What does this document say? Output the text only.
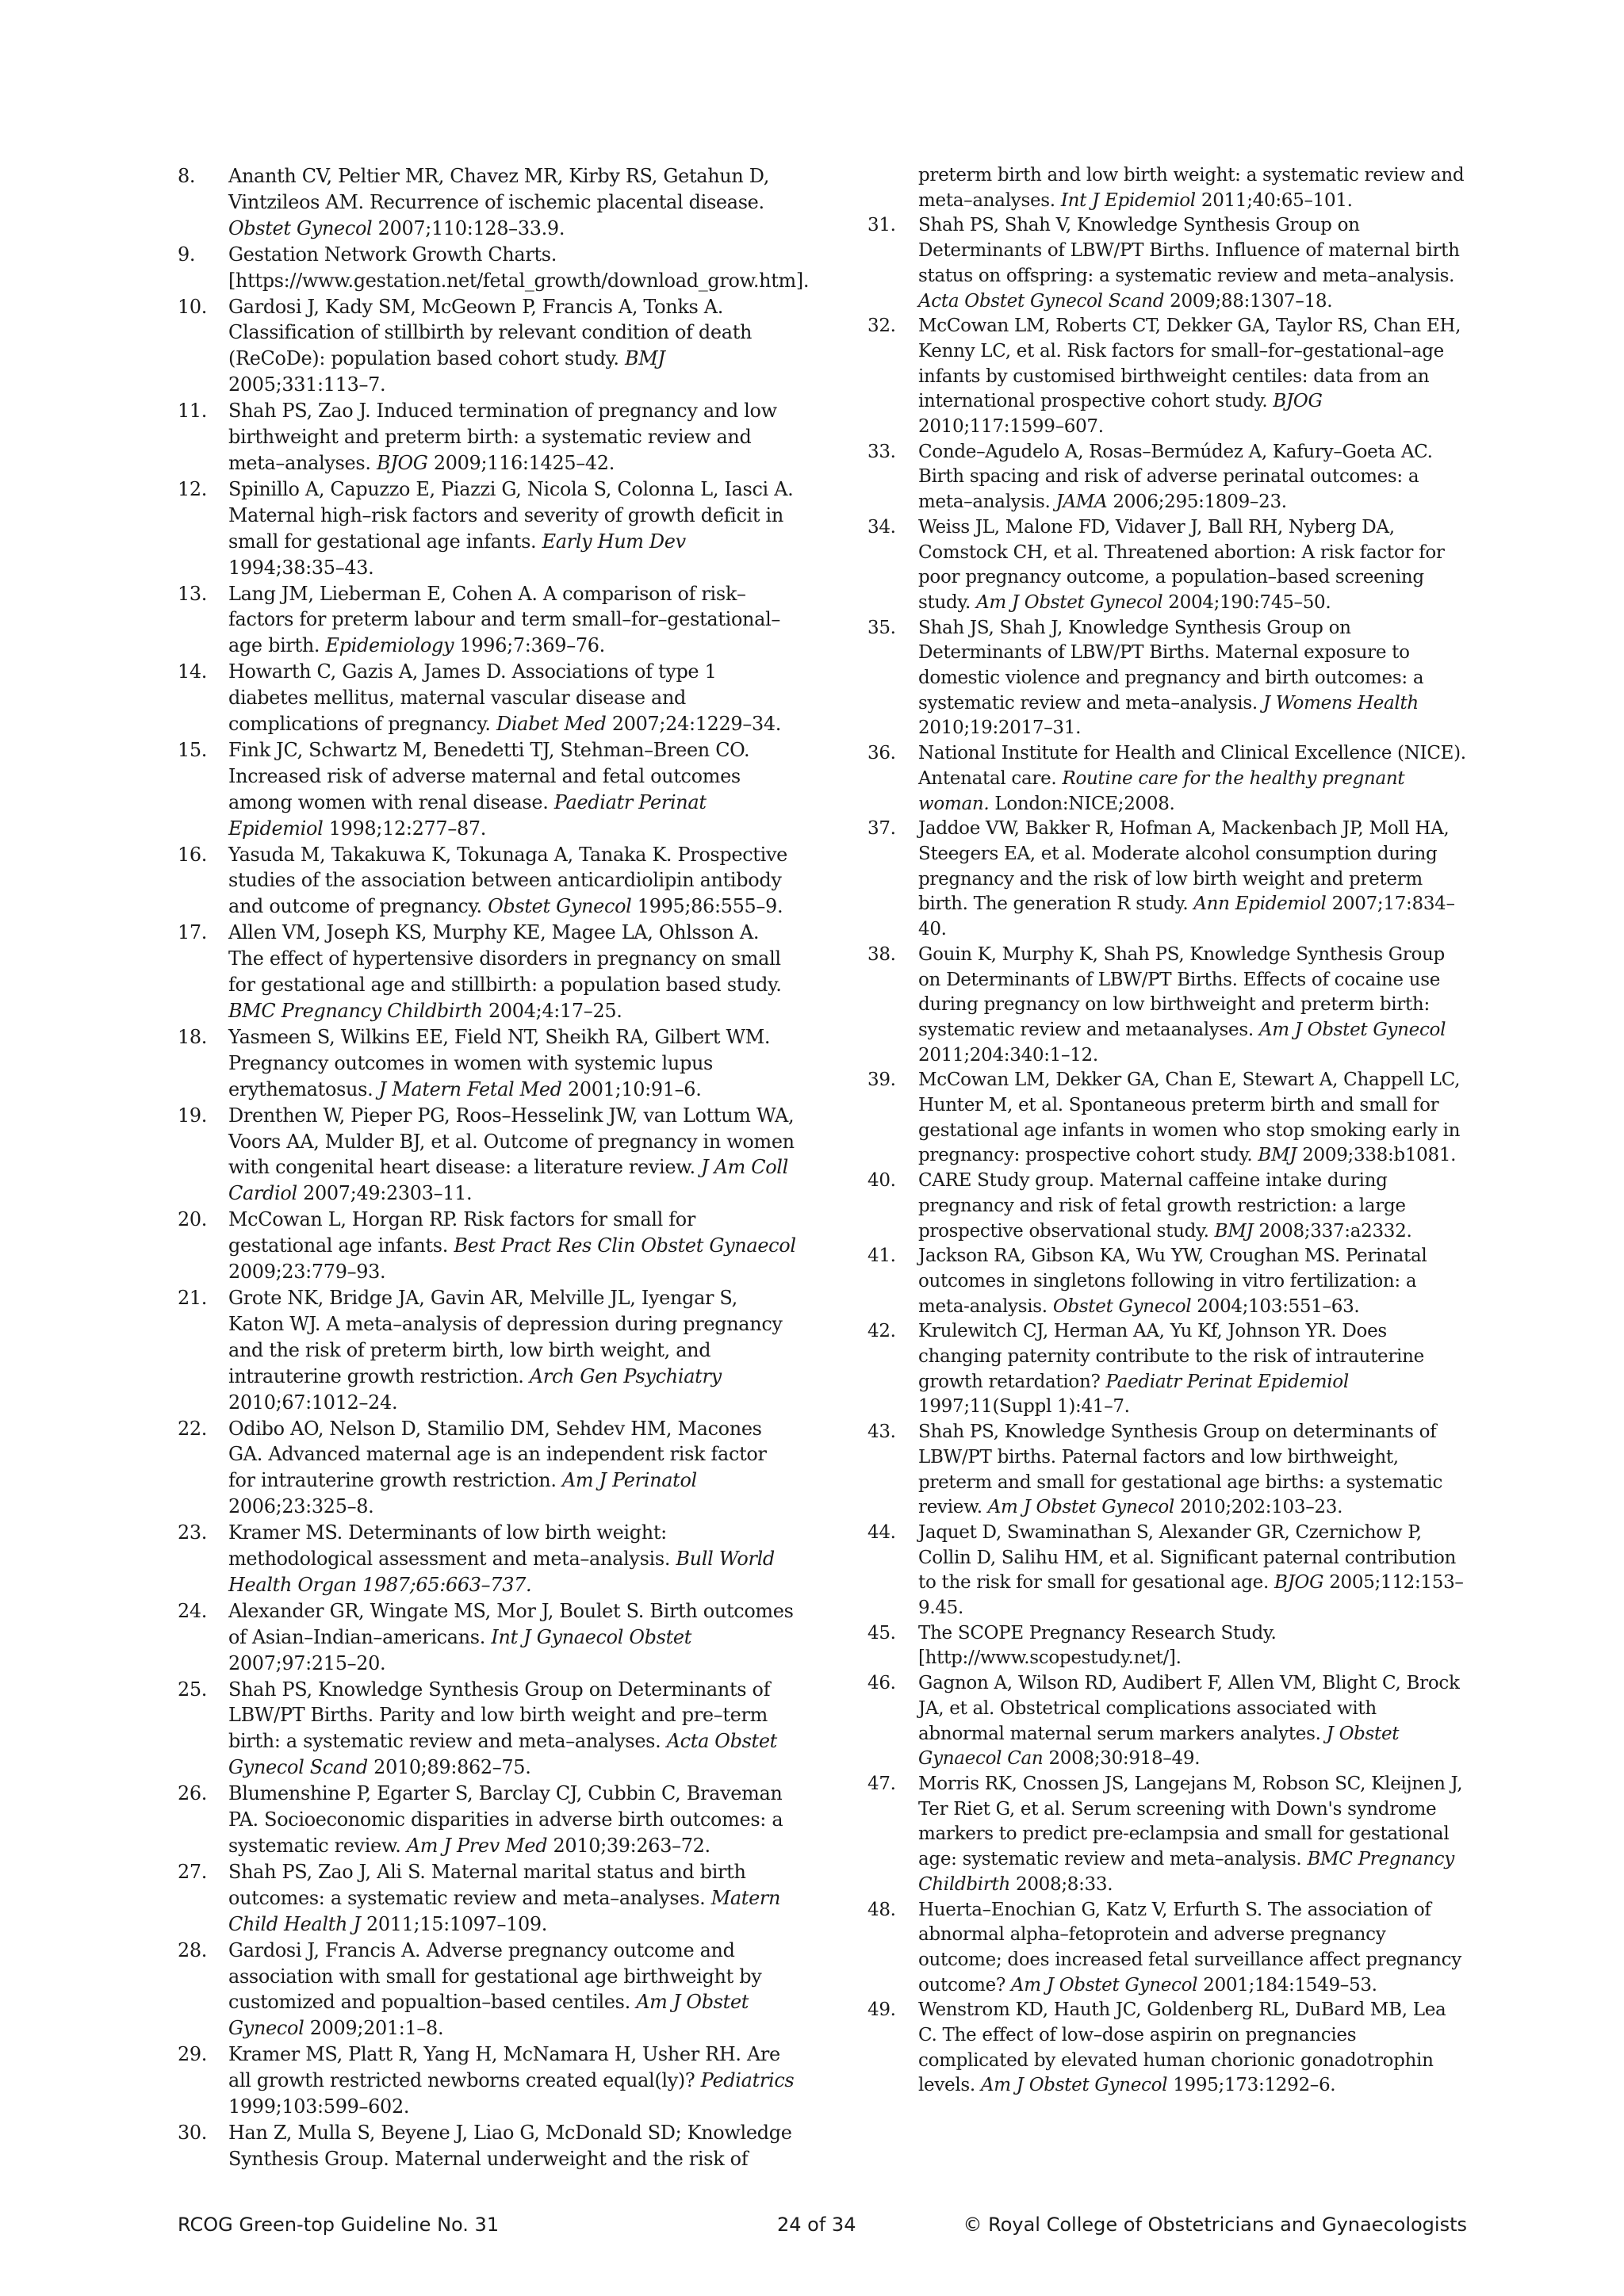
8. Ananth CV, Peltier MR, Chavez MR, Kirby RS, Getahun D, Vintzileos AM. Recurrence of ischemic placental disease. Obstet Gynecol 2007;110:128–33.9.

9. Gestation Network Growth Charts. [https://www.gestation.net/fetal_growth/download_grow.htm].

10. Gardosi J, Kady SM, McGeown P, Francis A, Tonks A. Classification of stillbirth by relevant condition of death (ReCoDe): population based cohort study. BMJ 2005;331:113–7.

11. Shah PS, Zao J. Induced termination of pregnancy and low birthweight and preterm birth: a systematic review and meta–analyses. BJOG 2009;116:1425–42.

12. Spinillo A, Capuzzo E, Piazzi G, Nicola S, Colonna L, Iasci A. Maternal high–risk factors and severity of growth deficit in small for gestational age infants. Early Hum Dev 1994;38:35–43.

13. Lang JM, Lieberman E, Cohen A. A comparison of risk–factors for preterm labour and term small–for–gestational–age birth. Epidemiology 1996;7:369–76.

14. Howarth C, Gazis A, James D. Associations of type 1 diabetes mellitus, maternal vascular disease and complications of pregnancy. Diabet Med 2007;24:1229–34.

15. Fink JC, Schwartz M, Benedetti TJ, Stehman–Breen CO. Increased risk of adverse maternal and fetal outcomes among women with renal disease. Paediatr Perinat Epidemiol 1998;12:277–87.

16. Yasuda M, Takakuwa K, Tokunaga A, Tanaka K. Prospective studies of the association between anticardiolipin antibody and outcome of pregnancy. Obstet Gynecol 1995;86:555–9.

17. Allen VM, Joseph KS, Murphy KE, Magee LA, Ohlsson A. The effect of hypertensive disorders in pregnancy on small for gestational age and stillbirth: a population based study. BMC Pregnancy Childbirth 2004;4:17–25.

18. Yasmeen S, Wilkins EE, Field NT, Sheikh RA, Gilbert WM. Pregnancy outcomes in women with systemic lupus erythematosus. J Matern Fetal Med 2001;10:91–6.

19. Drenthen W, Pieper PG, Roos–Hesselink JW, van Lottum WA, Voors AA, Mulder BJ, et al. Outcome of pregnancy in women with congenital heart disease: a literature review. J Am Coll Cardiol 2007;49:2303–11.

20. McCowan L, Horgan RP. Risk factors for small for gestational age infants. Best Pract Res Clin Obstet Gynaecol 2009;23:779–93.

21. Grote NK, Bridge JA, Gavin AR, Melville JL, Iyengar S, Katon WJ. A meta–analysis of depression during pregnancy and the risk of preterm birth, low birth weight, and intrauterine growth restriction. Arch Gen Psychiatry 2010;67:1012–24.

22. Odibo AO, Nelson D, Stamilio DM, Sehdev HM, Macones GA. Advanced maternal age is an independent risk factor for intrauterine growth restriction. Am J Perinatol 2006;23:325–8.

23. Kramer MS. Determinants of low birth weight: methodological assessment and meta–analysis. Bull World Health Organ 1987;65:663–737.

24. Alexander GR, Wingate MS, Mor J, Boulet S. Birth outcomes of Asian–Indian–americans. Int J Gynaecol Obstet 2007;97:215–20.

25. Shah PS, Knowledge Synthesis Group on Determinants of LBW/PT Births. Parity and low birth weight and pre–term birth: a systematic review and meta–analyses. Acta Obstet Gynecol Scand 2010;89:862–75.

26. Blumenshine P, Egarter S, Barclay CJ, Cubbin C, Braveman PA. Socioeconomic disparities in adverse birth outcomes: a systematic review. Am J Prev Med 2010;39:263–72.

27. Shah PS, Zao J, Ali S. Maternal marital status and birth outcomes: a systematic review and meta–analyses. Matern Child Health J 2011;15:1097–109.

28. Gardosi J, Francis A. Adverse pregnancy outcome and association with small for gestational age birthweight by customized and popualtion–based centiles. Am J Obstet Gynecol 2009;201:1–8.

29. Kramer MS, Platt R, Yang H, McNamara H, Usher RH. Are all growth restricted newborns created equal(ly)? Pediatrics 1999;103:599–602.

30. Han Z, Mulla S, Beyene J, Liao G, McDonald SD; Knowledge Synthesis Group. Maternal underweight and the risk of

preterm birth and low birth weight: a systematic review and meta–analyses. Int J Epidemiol 2011;40:65–101.

31. Shah PS, Shah V, Knowledge Synthesis Group on Determinants of LBW/PT Births. Influence of maternal birth status on offspring: a systematic review and meta–analysis. Acta Obstet Gynecol Scand 2009;88:1307–18.

32. McCowan LM, Roberts CT, Dekker GA, Taylor RS, Chan EH, Kenny LC, et al. Risk factors for small–for–gestational–age infants by customised birthweight centiles: data from an international prospective cohort study. BJOG 2010;117:1599–607.

33. Conde–Agudelo A, Rosas–Bermúdez A, Kafury–Goeta AC. Birth spacing and risk of adverse perinatal outcomes: a meta–analysis. JAMA 2006;295:1809–23.

34. Weiss JL, Malone FD, Vidaver J, Ball RH, Nyberg DA, Comstock CH, et al. Threatened abortion: A risk factor for poor pregnancy outcome, a population–based screening study. Am J Obstet Gynecol 2004;190:745–50.

35. Shah JS, Shah J, Knowledge Synthesis Group on Determinants of LBW/PT Births. Maternal exposure to domestic violence and pregnancy and birth outcomes: a systematic review and meta–analysis. J Womens Health 2010;19:2017–31.

36. National Institute for Health and Clinical Excellence (NICE). Antenatal care. Routine care for the healthy pregnant woman. London:NICE;2008.

37. Jaddoe VW, Bakker R, Hofman A, Mackenbach JP, Moll HA, Steegers EA, et al. Moderate alcohol consumption during pregnancy and the risk of low birth weight and preterm birth. The generation R study. Ann Epidemiol 2007;17:834–40.

38. Gouin K, Murphy K, Shah PS, Knowledge Synthesis Group on Determinants of LBW/PT Births. Effects of cocaine use during pregnancy on low birthweight and preterm birth: systematic review and metaanalyses. Am J Obstet Gynecol 2011;204:340:1–12.

39. McCowan LM, Dekker GA, Chan E, Stewart A, Chappell LC, Hunter M, et al. Spontaneous preterm birth and small for gestational age infants in women who stop smoking early in pregnancy: prospective cohort study. BMJ 2009;338:b1081.

40. CARE Study group. Maternal caffeine intake during pregnancy and risk of fetal growth restriction: a large prospective observational study. BMJ 2008;337:a2332.

41. Jackson RA, Gibson KA, Wu YW, Croughan MS. Perinatal outcomes in singletons following in vitro fertilization: a meta-analysis. Obstet Gynecol 2004;103:551–63.

42. Krulewitch CJ, Herman AA, Yu Kf, Johnson YR. Does changing paternity contribute to the risk of intrauterine growth retardation? Paediatr Perinat Epidemiol 1997;11(Suppl 1):41–7.

43. Shah PS, Knowledge Synthesis Group on determinants of LBW/PT births. Paternal factors and low birthweight, preterm and small for gestational age births: a systematic review. Am J Obstet Gynecol 2010;202:103–23.

44. Jaquet D, Swaminathan S, Alexander GR, Czernichow P, Collin D, Salihu HM, et al. Significant paternal contribution to the risk for small for gesational age. BJOG 2005;112:153–9.45.

45. The SCOPE Pregnancy Research Study. [http://www.scopestudy.net/].

46. Gagnon A, Wilson RD, Audibert F, Allen VM, Blight C, Brock JA, et al. Obstetrical complications associated with abnormal maternal serum markers analytes. J Obstet Gynaecol Can 2008;30:918–49.

47. Morris RK, Cnossen JS, Langejans M, Robson SC, Kleijnen J, Ter Riet G, et al. Serum screening with Down's syndrome markers to predict pre-eclampsia and small for gestational age: systematic review and meta–analysis. BMC Pregnancy Childbirth 2008;8:33.

48. Huerta–Enochian G, Katz V, Erfurth S. The association of abnormal alpha–fetoprotein and adverse pregnancy outcome; does increased fetal surveillance affect pregnancy outcome? Am J Obstet Gynecol 2001;184:1549–53.

49. Wenstrom KD, Hauth JC, Goldenberg RL, DuBard MB, Lea C. The effect of low–dose aspirin on pregnancies complicated by elevated human chorionic gonadotrophin levels. Am J Obstet Gynecol 1995;173:1292–6.

RCOG Green-top Guideline No. 31	24 of 34	© Royal College of Obstetricians and Gynaecologists
